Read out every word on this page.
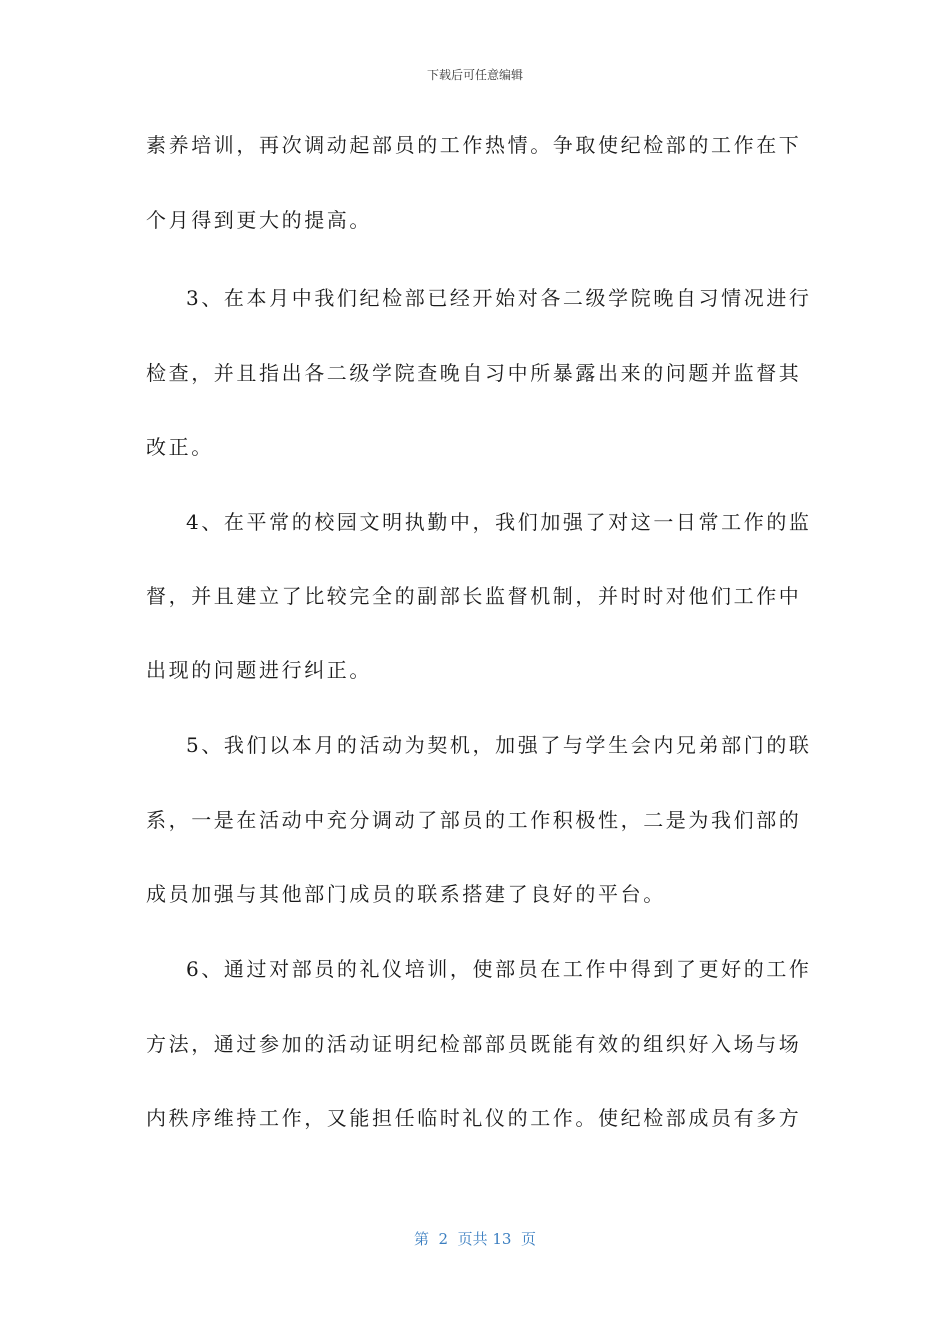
下载后可任意编辑
素养培训，再次调动起部员的工作热情。争取使纪检部的工作在下
个月得到更大的提高。
3、在本月中我们纪检部已经开始对各二级学院晚自习情况进行
检查，并且指出各二级学院查晚自习中所暴露出来的问题并监督其
改正。
4、在平常的校园文明执勤中，我们加强了对这一日常工作的监
督，并且建立了比较完全的副部长监督机制，并时时对他们工作中
出现的问题进行纠正。
5、我们以本月的活动为契机，加强了与学生会内兄弟部门的联
系，一是在活动中充分调动了部员的工作积极性，二是为我们部的
成员加强与其他部门成员的联系搭建了良好的平台。
6、通过对部员的礼仪培训，使部员在工作中得到了更好的工作
方法，通过参加的活动证明纪检部部员既能有效的组织好入场与场
内秩序维持工作，又能担任临时礼仪的工作。使纪检部成员有多方
第  2  页共 13  页
